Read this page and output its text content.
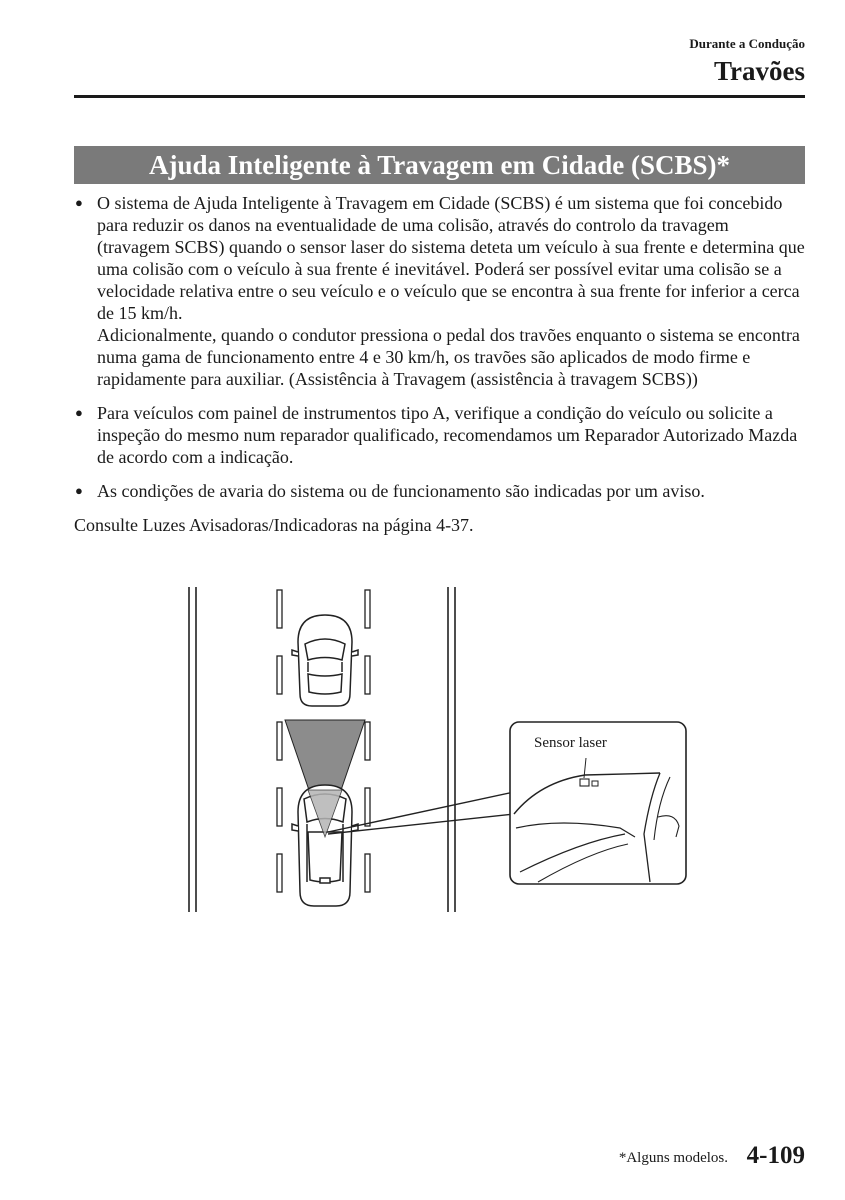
Durante a Condução
Travões
Ajuda Inteligente à Travagem em Cidade (SCBS)*
● O sistema de Ajuda Inteligente à Travagem em Cidade (SCBS) é um sistema que foi concebido para reduzir os danos na eventualidade de uma colisão, através do controlo da travagem (travagem SCBS) quando o sensor laser do sistema deteta um veículo à sua frente e determina que uma colisão com o veículo à sua frente é inevitável. Poderá ser possível evitar uma colisão se a velocidade relativa entre o seu veículo e o veículo que se encontra à sua frente for inferior a cerca de 15 km/h.

Adicionalmente, quando o condutor pressiona o pedal dos travões enquanto o sistema se encontra numa gama de funcionamento entre 4 e 30 km/h, os travões são aplicados de modo firme e rapidamente para auxiliar. (Assistência à Travagem (assistência à travagem SCBS))

● Para veículos com painel de instrumentos tipo A, verifique a condição do veículo ou solicite a inspeção do mesmo num reparador qualificado, recomendamos um Reparador Autorizado Mazda de acordo com a indicação.

● As condições de avaria do sistema ou de funcionamento são indicadas por um aviso.

Consulte Luzes Avisadoras/Indicadoras na página 4-37.
Sensor laser
*Alguns modelos. 4-109
